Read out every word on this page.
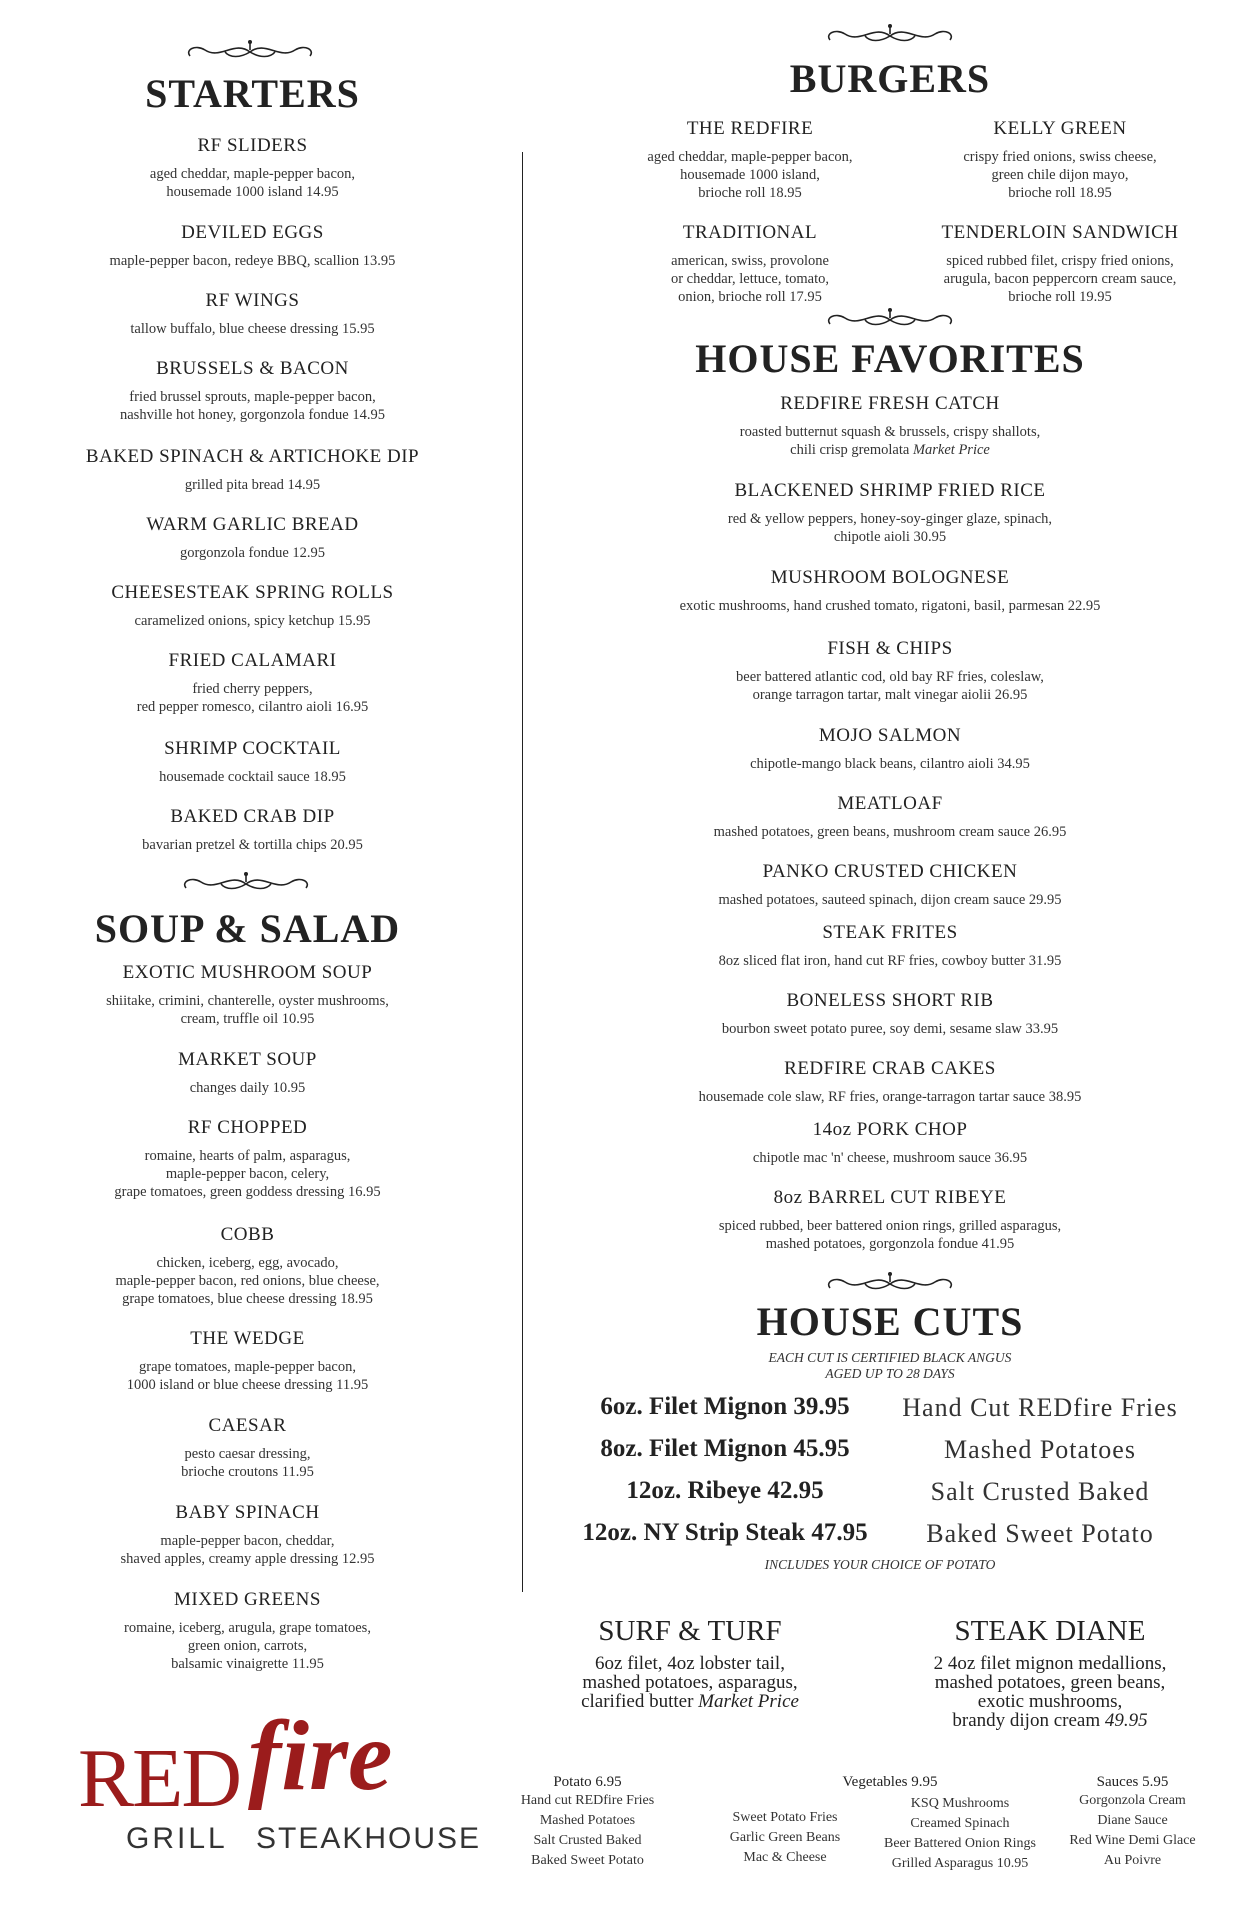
STARTERS
RF SLIDERS
aged cheddar, maple-pepper bacon,
housemade 1000 island 14.95
DEVILED EGGS
maple-pepper bacon, redeye BBQ, scallion 13.95
RF WINGS
tallow buffalo, blue cheese dressing 15.95
BRUSSELS & BACON
fried brussel sprouts, maple-pepper bacon,
nashville hot honey, gorgonzola fondue 14.95
BAKED SPINACH & ARTICHOKE DIP
grilled pita bread 14.95
WARM GARLIC BREAD
gorgonzola fondue 12.95
CHEESESTEAK SPRING ROLLS
caramelized onions, spicy ketchup 15.95
FRIED CALAMARI
fried cherry peppers,
red pepper romesco, cilantro aioli 16.95
SHRIMP COCKTAIL
housemade cocktail sauce 18.95
BAKED CRAB DIP
bavarian pretzel & tortilla chips 20.95
SOUP & SALAD
EXOTIC MUSHROOM SOUP
shiitake, crimini, chanterelle, oyster mushrooms,
cream, truffle oil 10.95
MARKET SOUP
changes daily 10.95
RF CHOPPED
romaine, hearts of palm, asparagus,
maple-pepper bacon, celery,
grape tomatoes, green goddess dressing 16.95
COBB
chicken, iceberg, egg, avocado,
maple-pepper bacon, red onions, blue cheese,
grape tomatoes, blue cheese dressing 18.95
THE WEDGE
grape tomatoes, maple-pepper bacon,
1000 island or blue cheese dressing 11.95
CAESAR
pesto caesar dressing,
brioche croutons 11.95
BABY SPINACH
maple-pepper bacon, cheddar,
shaved apples, creamy apple dressing 12.95
MIXED GREENS
romaine, iceberg, arugula, grape tomatoes,
green onion, carrots,
balsamic vinaigrette 11.95
BURGERS
THE REDFIRE
aged cheddar, maple-pepper bacon,
housemade 1000 island,
brioche roll 18.95
KELLY GREEN
crispy fried onions, swiss cheese,
green chile dijon mayo,
brioche roll 18.95
TRADITIONAL
american, swiss, provolone
or cheddar, lettuce, tomato,
onion, brioche roll 17.95
TENDERLOIN SANDWICH
spiced rubbed filet, crispy fried onions,
arugula, bacon peppercorn cream sauce,
brioche roll 19.95
HOUSE FAVORITES
REDFIRE FRESH CATCH
roasted butternut squash & brussels, crispy shallots,
chili crisp gremolata Market Price
BLACKENED SHRIMP FRIED RICE
red & yellow peppers, honey-soy-ginger glaze, spinach,
chipotle aioli 30.95
MUSHROOM BOLOGNESE
exotic mushrooms, hand crushed tomato, rigatoni, basil, parmesan 22.95
FISH & CHIPS
beer battered atlantic cod, old bay RF fries, coleslaw,
orange tarragon tartar, malt vinegar aiolii 26.95
MOJO SALMON
chipotle-mango black beans, cilantro aioli 34.95
MEATLOAF
mashed potatoes, green beans, mushroom cream sauce 26.95
PANKO CRUSTED CHICKEN
mashed potatoes, sauteed spinach, dijon cream sauce 29.95
STEAK FRITES
8oz sliced flat iron, hand cut RF fries, cowboy butter 31.95
BONELESS SHORT RIB
bourbon sweet potato puree, soy demi, sesame slaw 33.95
REDFIRE CRAB CAKES
housemade cole slaw, RF fries, orange-tarragon tartar sauce 38.95
14oz PORK CHOP
chipotle mac 'n' cheese, mushroom sauce 36.95
8oz BARREL CUT RIBEYE
spiced rubbed, beer battered onion rings, grilled asparagus,
mashed potatoes, gorgonzola fondue 41.95
HOUSE CUTS
EACH CUT IS CERTIFIED BLACK ANGUS
AGED UP TO 28 DAYS
6oz. Filet Mignon 39.95
8oz. Filet Mignon 45.95
12oz. Ribeye 42.95
12oz. NY Strip Steak 47.95
Hand Cut REDfire Fries
Mashed Potatoes
Salt Crusted Baked
Baked Sweet Potato
INCLUDES YOUR CHOICE OF POTATO
SURF & TURF
6oz filet, 4oz lobster tail,
mashed potatoes, asparagus,
clarified butter Market Price
STEAK DIANE
2 4oz filet mignon medallions,
mashed potatoes, green beans,
exotic mushrooms,
brandy dijon cream 49.95
Potato 6.95
Hand cut REDfire Fries
Mashed Potatoes
Salt Crusted Baked
Baked Sweet Potato
Vegetables 9.95
Sweet Potato Fries
Garlic Green Beans
Mac & Cheese
KSQ Mushrooms
Creamed Spinach
Beer Battered Onion Rings
Grilled Asparagus 10.95
Sauces 5.95
Gorgonzola Cream
Diane Sauce
Red Wine Demi Glace
Au Poivre
RED fire
GRILL STEAKHOUSE
